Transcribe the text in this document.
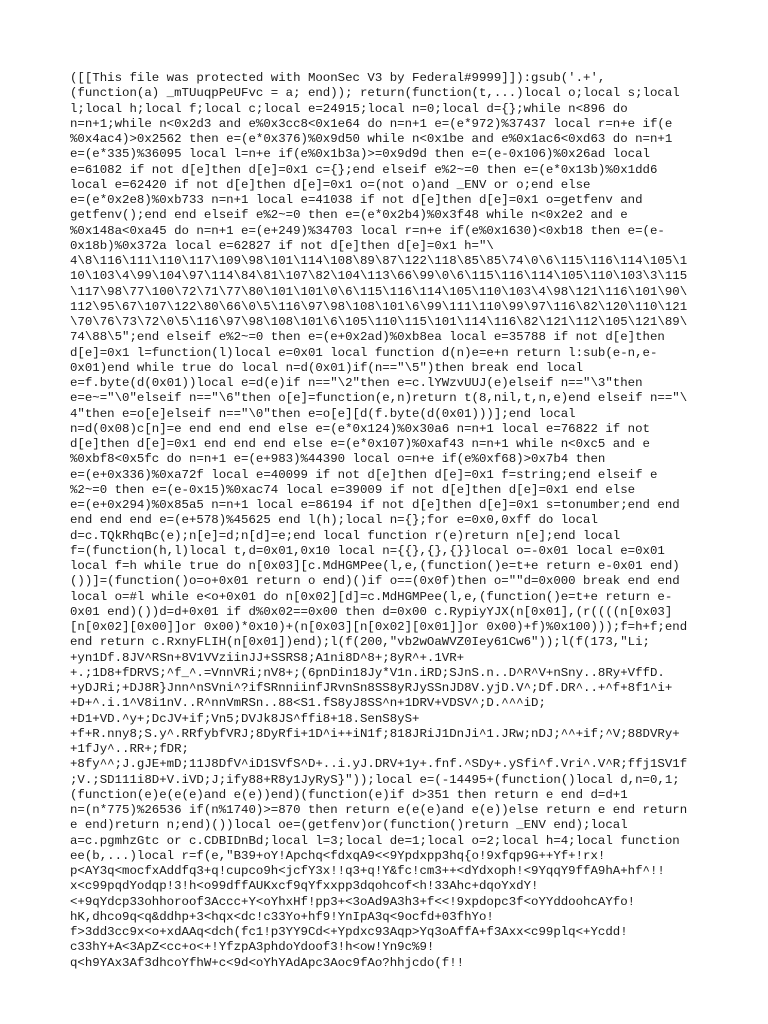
([[This file was protected with MoonSec V3 by Federal#9999]]):gsub('.+',
(function(a) _mTUuqpPeUFvc = a; end)); return(function(t,...)local o;local s;local
l;local h;local f;local c;local e=24915;local n=0;local d={};while n<896 do
n=n+1;while n<0x2d3 and e%0x3cc8<0x1e64 do n=n+1 e=(e*972)%37437 local r=n+e if(e
%0x4ac4)>0x2562 then e=(e*0x376)%0x9d50 while n<0x1be and e%0x1ac6<0xd63 do n=n+1
e=(e*335)%36095 local l=n+e if(e%0x1b3a)>=0x9d9d then e=(e-0x106)%0x26ad local
e=61082 if not d[e]then d[e]=0x1 c={};end elseif e%2~=0 then e=(e*0x13b)%0x1dd6
local e=62420 if not d[e]then d[e]=0x1 o=(not o)and _ENV or o;end else
e=(e*0x2e8)%0xb733 n=n+1 local e=41038 if not d[e]then d[e]=0x1 o=getfenv and
getfenv();end end elseif e%2~=0 then e=(e*0x2b4)%0x3f48 while n<0x2e2 and e
%0x148a<0xa45 do n=n+1 e=(e+249)%34703 local r=n+e if(e%0x1630)<0xb18 then e=(e-
0x18b)%0x372a local e=62827 if not d[e]then d[e]=0x1 h="\
4\8\116\111\110\117\109\98\101\114\108\89\87\122\118\85\85\74\0\6\115\116\114\105\1
10\103\4\99\104\97\114\84\81\107\82\104\113\66\99\0\6\115\116\114\105\110\103\3\115
\117\98\77\100\72\71\77\80\101\101\0\6\115\116\114\105\110\103\4\98\121\116\101\90\
112\95\67\107\122\80\66\0\5\116\97\98\108\101\6\99\111\110\99\97\116\82\120\110\121
\70\76\73\72\0\5\116\97\98\108\101\6\105\110\115\101\114\116\82\121\112\105\121\89\
74\88\5";end elseif e%2~=0 then e=(e+0x2ad)%0xb8ea local e=35788 if not d[e]then
d[e]=0x1 l=function(l)local e=0x01 local function d(n)e=e+n return l:sub(e-n,e-
0x01)end while true do local n=d(0x01)if(n=="\5")then break end local
e=f.byte(d(0x01))local e=d(e)if n=="\2"then e=c.lYWzvUUJ(e)elseif n=="\3"then
e=e~="\0"elseif n=="\6"then o[e]=function(e,n)return t(8,nil,t,n,e)end elseif n=="\
4"then e=o[e]elseif n=="\0"then e=o[e][d(f.byte(d(0x01)))];end local
n=d(0x08)c[n]=e end end end else e=(e*0x124)%0x30a6 n=n+1 local e=76822 if not
d[e]then d[e]=0x1 end end end else e=(e*0x107)%0xaf43 n=n+1 while n<0xc5 and e
%0xbf8<0x5fc do n=n+1 e=(e+983)%44390 local o=n+e if(e%0xf68)>0x7b4 then
e=(e+0x336)%0xa72f local e=40099 if not d[e]then d[e]=0x1 f=string;end elseif e
%2~=0 then e=(e-0x15)%0xac74 local e=39009 if not d[e]then d[e]=0x1 end else
e=(e+0x294)%0x85a5 n=n+1 local e=86194 if not d[e]then d[e]=0x1 s=tonumber;end end
end end end e=(e+578)%45625 end l(h);local n={};for e=0x0,0xff do local
d=c.TQkRhqBc(e);n[e]=d;n[d]=e;end local function r(e)return n[e];end local
f=(function(h,l)local t,d=0x01,0x10 local n={{},{},{}}local o=-0x01 local e=0x01
local f=h while true do n[0x03][c.MdHGMPee(l,e,(function()e=t+e return e-0x01 end)
())]=(function()o=o+0x01 return o end)()if o==(0x0f)then o=""d=0x000 break end end
local o=#l while e<o+0x01 do n[0x02][d]=c.MdHGMPee(l,e,(function()e=t+e return e-
0x01 end)())d=d+0x01 if d%0x02==0x00 then d=0x00 c.RypiyYJX(n[0x01],(r((((n[0x03]
[n[0x02][0x00]]or 0x00)*0x10)+(n[0x03][n[0x02][0x01]]or 0x00)+f)%0x100)));f=h+f;end
end return c.RxnyFLIH(n[0x01])end);l(f(200,"vb2wOaWVZ0Iey61Cw6"));l(f(173,"Li;
+yn1Df.8JV^RSn+8V1VVziinJJ+SSRS8;A1ni8D^8+;8yR^+.1VR+
+.;1D8+fDRVS;^f_^.=VnnVRi;nV8+;(6pnDin18Jy*V1n.iRD;SJnS.n..D^R^V+nSny..8Ry+VffD.
+yDJRi;+DJ8R}Jnn^nSVni^?ifSRnniinfJRvnSn8SS8yRJySSnJD8V.yjD.V^;Df.DR^..+^f+8f1^i+
+D+^.i.1^V8i1nV..R^nnVmRSn..88<S1.fS8yJ8SS^n+1DRV+VDSV^;D.^^^iD;
+D1+VD.^y+;DcJV+if;Vn5;DVJk8JS^ffi8+18.SenS8yS+
+f+R.nny8;S.y^.RRfybfVRJ;8DyRfi+1D^i++iN1f;818JRiJ1DnJi^1.JRw;nDJ;^^+if;^V;88DVRy+
+1fJy^..RR+;fDR;
+8fy^^;J.gJE+mD;11J8DfV^iD1SVfS^D+..i.yJ.DRV+1y+.fnf.^SDy+.ySfi^f.Vri^.V^R;ffj1SV1f
;V.;SD111i8D+V.iVD;J;ify88+R8y1JyRyS}"));local e=(-14495+(function()local d,n=0,1;
(function(e)e(e(e)and e(e))end)(function(e)if d>351 then return e end d=d+1
n=(n*775)%26536 if(n%1740)>=870 then return e(e(e)and e(e))else return e end return
e end)return n;end)())local oe=(getfenv)or(function()return _ENV end);local
a=c.pgmhzGtc or c.CDBIDnBd;local l=3;local de=1;local o=2;local h=4;local function
ee(b,...)local r=f(e,"B39+oY!Apchq<fdxqA9<<9Ypdxpp3hq{o!9xfqp9G++Yf+!rx!
p<AY3q<mocfxAddfq3+q!cupco9h<jcfY3x!!q3+q!Y&fc!cm3++<dYdxoph!<9YqqY9ffA9hA+hf^!!
x<c99pqdYodqp!3!h<o99dffAUKxcf9qYfxxpp3dqohcof<h!33Ahc+dqoYxdY!
<+9qYdcp33ohhoroof3Accc+Y<oYhxHf!pp3+<3oAd9A3h3+f<<!9xpdopc3f<oYYddoohcAYfo!
hK,dhco9q<q&ddhp+3<hqx<dc!c33Yo+hf9!YnIpA3q<9ocfd+03fhYo!
f>3dd3cc9x<o+xdAAq<dch(fc1!p3YY9Cd<+Ypdxc93Aqp>Yq3oAffA+f3Axx<c99plq<+Ycdd!
c33hY+A<3ApZ<cc+o<+!YfzpA3phdoYdoof3!h<ow!Yn9c%9!
q<h9YAx3Af3dhcoYfhW+c<9d<oYhYAdApc3Aoc9fAo?hhjcdo(f!!
